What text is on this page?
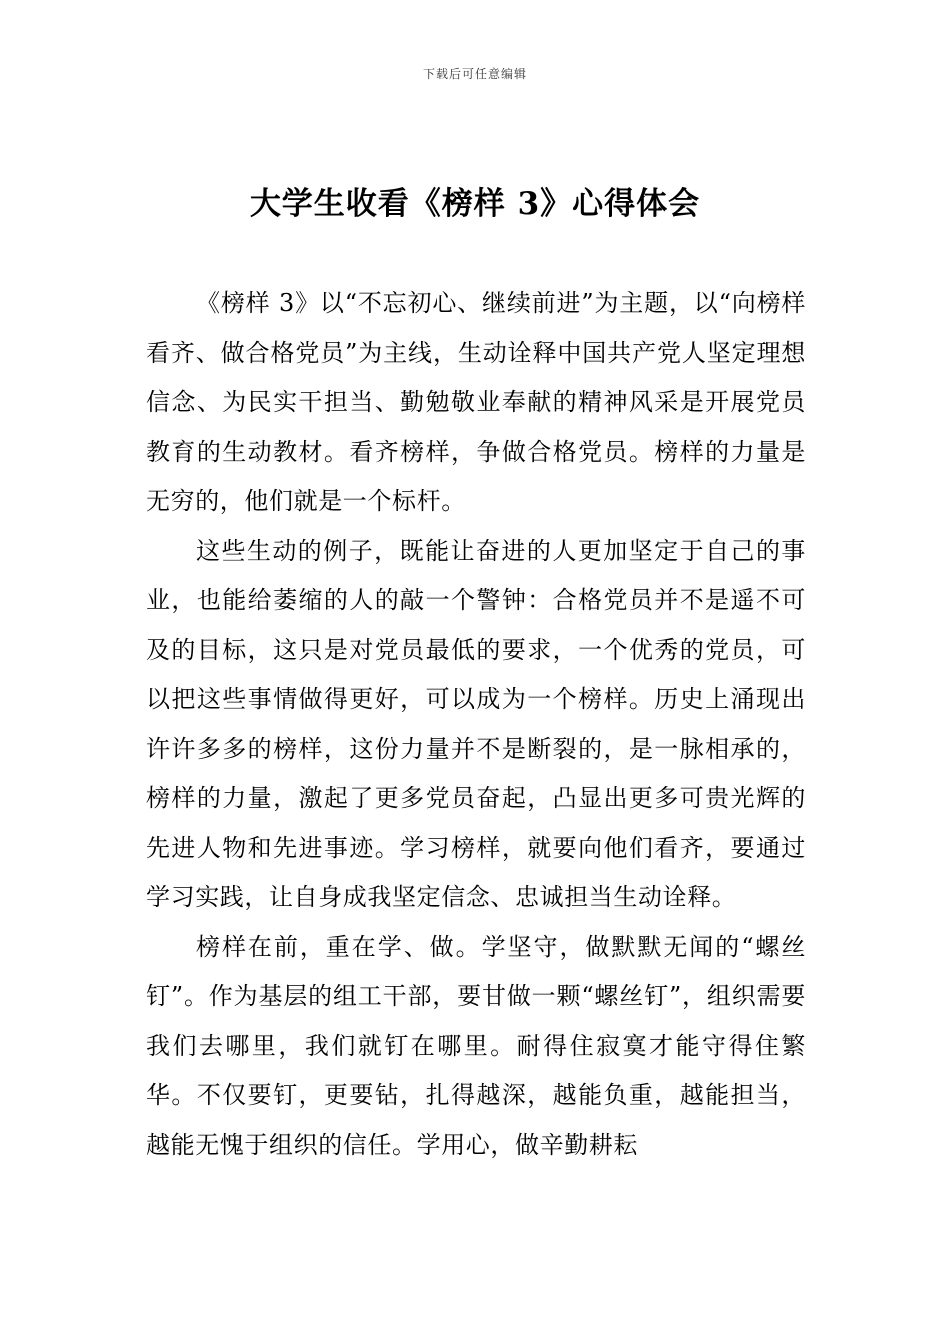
下载后可任意编辑
大学生收看《榜样 3》心得体会

《榜样 3》以“不忘初心、继续前进”为主题，以“向榜样看齐、做合格党员”为主线，生动诠释中国共产党人坚定理想信念、为民实干担当、勤勉敬业奉献的精神风采是开展党员教育的生动教材。看齐榜样，争做合格党员。榜样的力量是无穷的，他们就是一个标杆。

这些生动的例子，既能让奋进的人更加坚定于自己的事业，也能给萎缩的人的敲一个警钟：合格党员并不是遥不可及的目标，这只是对党员最低的要求，一个优秀的党员，可以把这些事情做得更好，可以成为一个榜样。历史上涌现出许许多多的榜样，这份力量并不是断裂的，是一脉相承的，榜样的力量，激起了更多党员奋起，凸显出更多可贵光辉的先进人物和先进事迹。学习榜样，就要向他们看齐，要通过学习实践，让自身成我坚定信念、忠诚担当生动诠释。

榜样在前，重在学、做。学坚守，做默默无闻的“螺丝钉”。作为基层的组工干部，要甘做一颗“螺丝钉”，组织需要我们去哪里，我们就钉在哪里。耐得住寂寞才能守得住繁华。不仅要钉，更要钻，扎得越深，越能负重，越能担当，越能无愧于组织的信任。学用心，做辛勤耕耘
